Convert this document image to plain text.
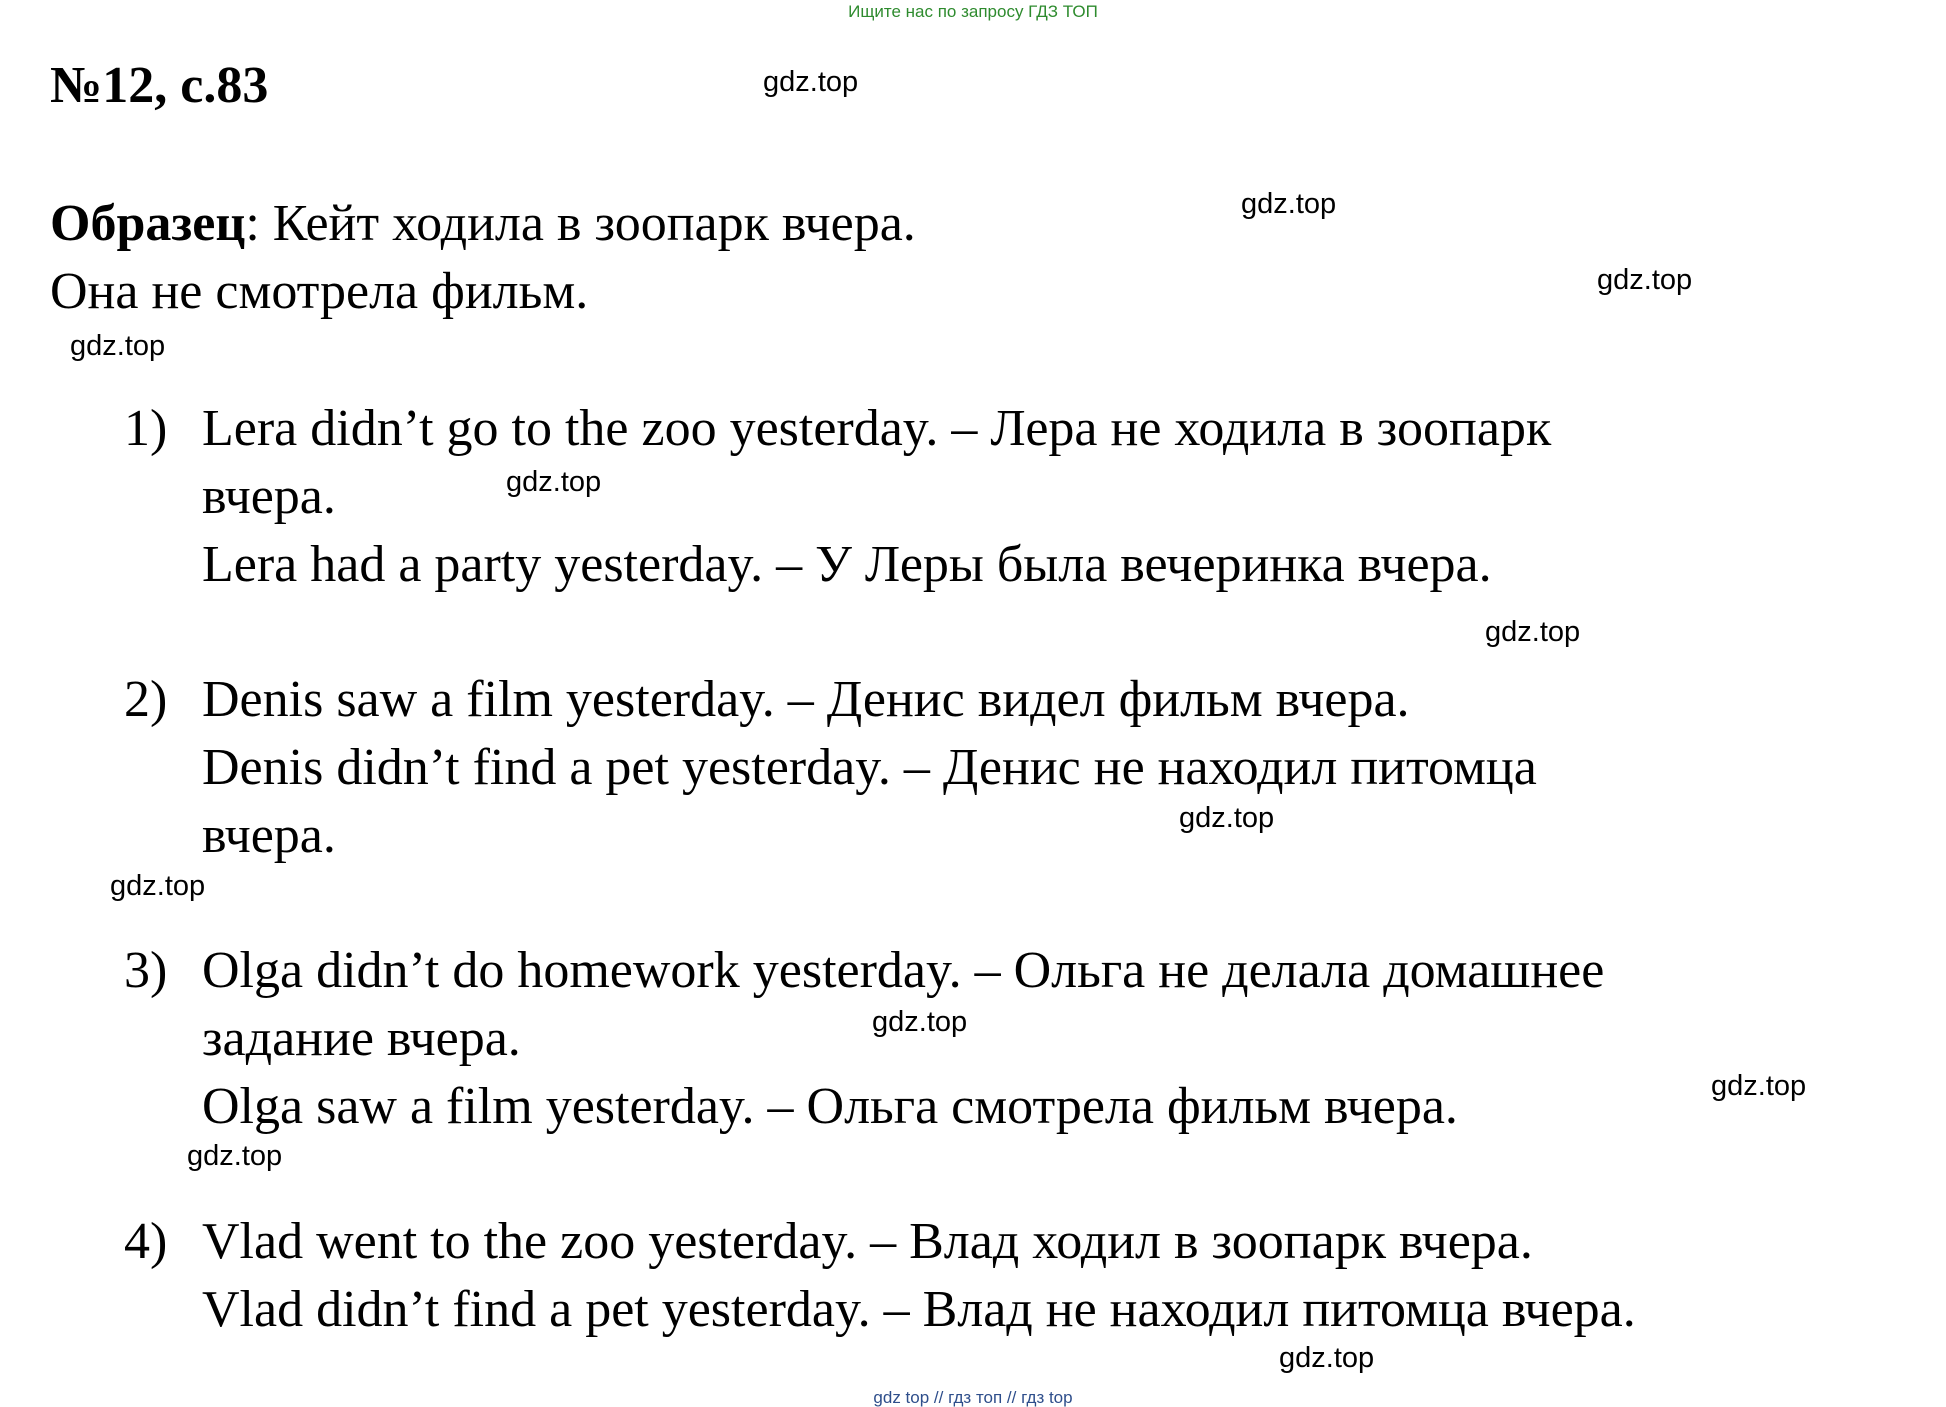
Ищите нас по запросу ГДЗ ТОП
№12, с.83
Образец: Кейт ходила в зоопарк вчера.
Она не смотрела фильм.
1) Lera didn’t go to the zoo yesterday. – Лера не ходила в зоопарк
вчера.
Lera had a party yesterday. – У Леры была вечеринка вчера.
2) Denis saw a film yesterday. – Денис видел фильм вчера.
Denis didn’t find a pet yesterday. – Денис не находил питомца
вчера.
3) Olga didn’t do homework yesterday. – Ольга не делала домашнее
задание вчера.
Olga saw a film yesterday. – Ольга смотрела фильм вчера.
4) Vlad went to the zoo yesterday. – Влад ходил в зоопарк вчера.
Vlad didn’t find a pet yesterday. – Влад не находил питомца вчера.
gdz.top
gdz.top
gdz.top
gdz.top
gdz.top
gdz.top
gdz.top
gdz.top
gdz.top
gdz.top
gdz.top
gdz.top
gdz top // гдз топ // гдз top
